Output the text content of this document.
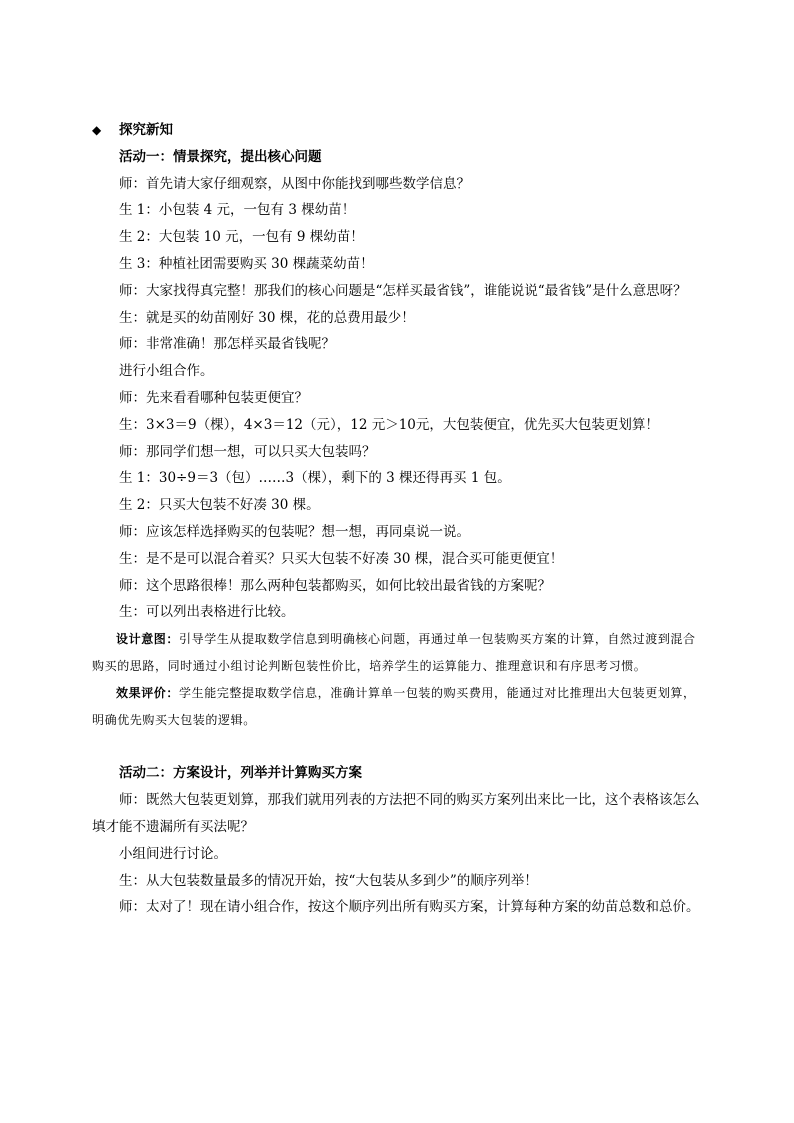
◆ 探究新知
活动一：情景探究，提出核心问题
师：首先请大家仔细观察，从图中你能找到哪些数学信息？
生 1：小包装 4 元，一包有 3 棵幼苗！
生 2：大包装 10 元，一包有 9 棵幼苗！
生 3：种植社团需要购买 30 棵蔬菜幼苗！
师：大家找得真完整！那我们的核心问题是“怎样买最省钱”，谁能说说“最省钱”是什么意思呀？
生：就是买的幼苗刚好 30 棵，花的总费用最少！
师：非常准确！那怎样买最省钱呢？
进行小组合作。
师：先来看看哪种包装更便宜？
生：3×3＝9（棵），4×3＝12（元），12 元＞10元，大包装便宜，优先买大包装更划算！
师：那同学们想一想，可以只买大包装吗？
生 1：30÷9＝3（包）……3（棵），剩下的 3 棵还得再买 1 包。
生 2：只买大包装不好凑 30 棵。
师：应该怎样选择购买的包装呢？想一想，再同桌说一说。
生：是不是可以混合着买？只买大包装不好凑 30 棵，混合买可能更便宜！
师：这个思路很棒！那么两种包装都购买，如何比较出最省钱的方案呢？
生：可以列出表格进行比较。
设计意图：引导学生从提取数学信息到明确核心问题，再通过单一包装购买方案的计算，自然过渡到混合购买的思路，同时通过小组讨论判断包装性价比，培养学生的运算能力、推理意识和有序思考习惯。
效果评价：学生能完整提取数学信息，准确计算单一包装的购买费用，能通过对比推理出大包装更划算，明确优先购买大包装的逻辑。
活动二：方案设计，列举并计算购买方案
师：既然大包装更划算，那我们就用列表的方法把不同的购买方案列出来比一比，这个表格该怎么填才能不遗漏所有买法呢？
小组间进行讨论。
生：从大包装数量最多的情况开始，按“大包装从多到少”的顺序列举！
师：太对了！现在请小组合作，按这个顺序列出所有购买方案，计算每种方案的幼苗总数和总价。
